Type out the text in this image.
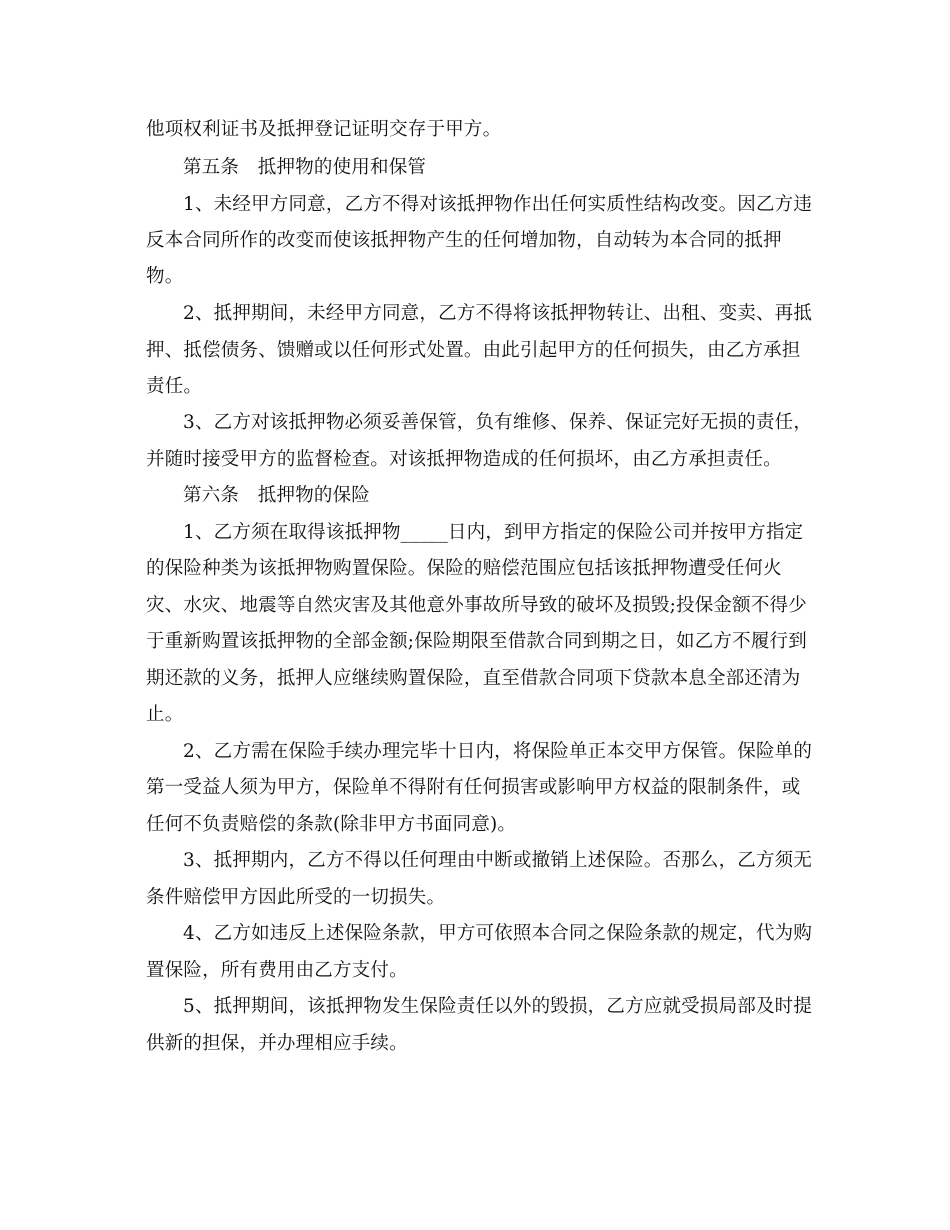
他项权利证书及抵押登记证明交存于甲方。
第五条　抵押物的使用和保管
1、未经甲方同意，乙方不得对该抵押物作出任何实质性结构改变。因乙方违
反本合同所作的改变而使该抵押物产生的任何增加物，自动转为本合同的抵押
物。
2、抵押期间，未经甲方同意，乙方不得将该抵押物转让、出租、变卖、再抵
押、抵偿债务、馈赠或以任何形式处置。由此引起甲方的任何损失，由乙方承担
责任。
3、乙方对该抵押物必须妥善保管，负有维修、保养、保证完好无损的责任，
并随时接受甲方的监督检查。对该抵押物造成的任何损坏，由乙方承担责任。
第六条　抵押物的保险
1、乙方须在取得该抵押物_____日内，到甲方指定的保险公司并按甲方指定
的保险种类为该抵押物购置保险。保险的赔偿范围应包括该抵押物遭受任何火
灾、水灾、地震等自然灾害及其他意外事故所导致的破坏及损毁;投保金额不得少
于重新购置该抵押物的全部金额;保险期限至借款合同到期之日，如乙方不履行到
期还款的义务，抵押人应继续购置保险，直至借款合同项下贷款本息全部还清为
止。
2、乙方需在保险手续办理完毕十日内，将保险单正本交甲方保管。保险单的
第一受益人须为甲方，保险单不得附有任何损害或影响甲方权益的限制条件，或
任何不负责赔偿的条款(除非甲方书面同意)。
3、抵押期内，乙方不得以任何理由中断或撤销上述保险。否那么，乙方须无
条件赔偿甲方因此所受的一切损失。
4、乙方如违反上述保险条款，甲方可依照本合同之保险条款的规定，代为购
置保险，所有费用由乙方支付。
5、抵押期间，该抵押物发生保险责任以外的毁损，乙方应就受损局部及时提
供新的担保，并办理相应手续。
